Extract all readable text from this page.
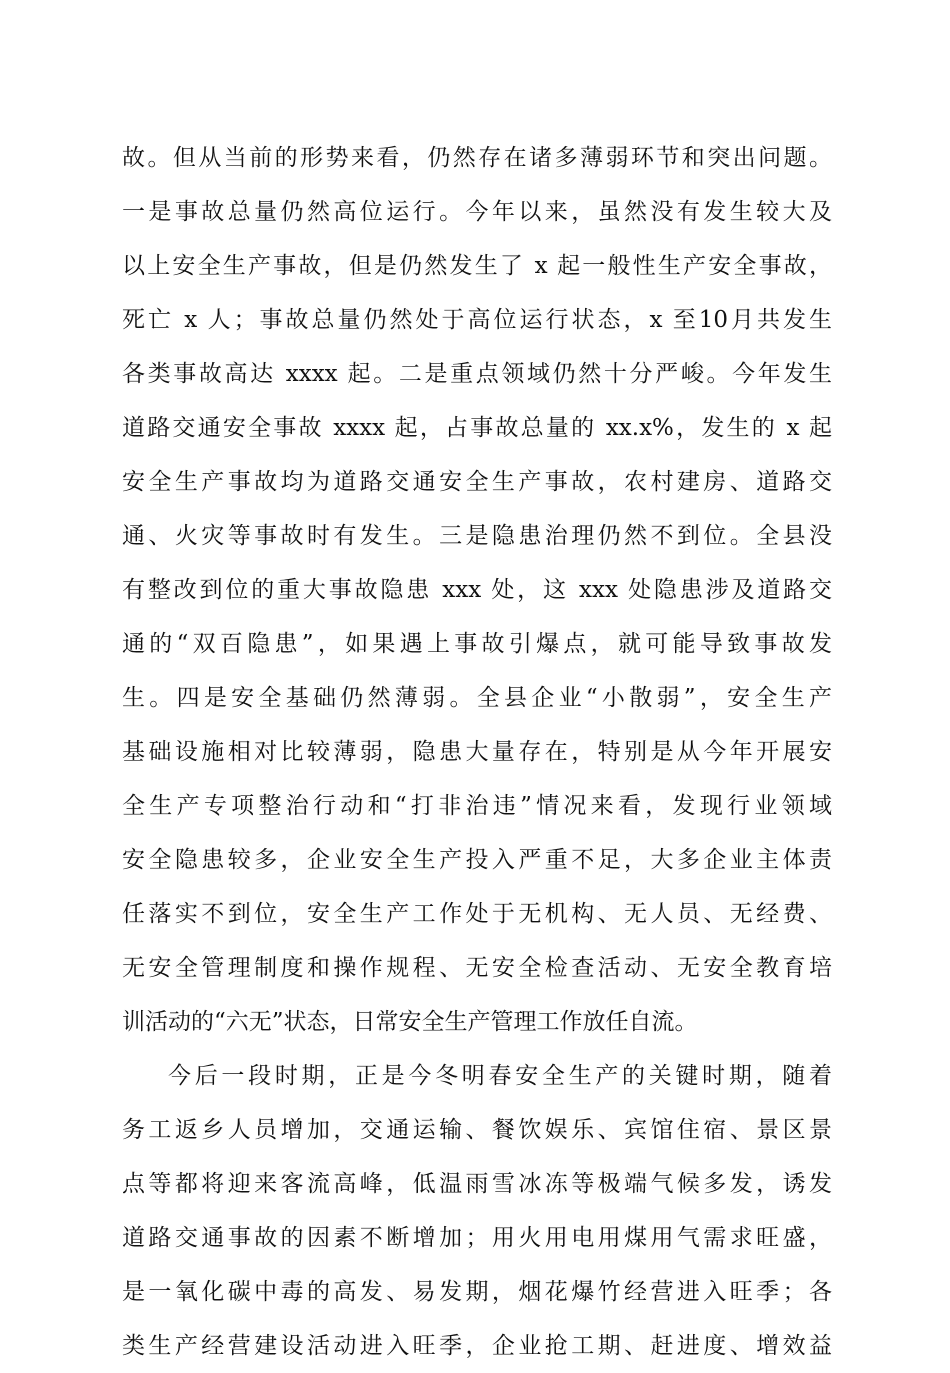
故。但从当前的形势来看，仍然存在诸多薄弱环节和突出问题。
一是事故总量仍然高位运行。今年以来，虽然没有发生较大及
以上安全生产事故，但是仍然发生了 x 起一般性生产安全事故，
死亡 x 人；事故总量仍然处于高位运行状态，x 至10月共发生
各类事故高达 xxxx 起。二是重点领域仍然十分严峻。今年发生
道路交通安全事故 xxxx 起，占事故总量的 xx.x%，发生的 x 起
安全生产事故均为道路交通安全生产事故，农村建房、道路交
通、火灾等事故时有发生。三是隐患治理仍然不到位。全县没
有整改到位的重大事故隐患 xxx 处，这 xxx 处隐患涉及道路交
通的“双百隐患”，如果遇上事故引爆点，就可能导致事故发
生。四是安全基础仍然薄弱。全县企业“小散弱”，安全生产
基础设施相对比较薄弱，隐患大量存在，特别是从今年开展安
全生产专项整治行动和“打非治违”情况来看，发现行业领域
安全隐患较多，企业安全生产投入严重不足，大多企业主体责
任落实不到位，安全生产工作处于无机构、无人员、无经费、
无安全管理制度和操作规程、无安全检查活动、无安全教育培
训活动的“六无”状态，日常安全生产管理工作放任自流。
今后一段时期，正是今冬明春安全生产的关键时期，随着
务工返乡人员增加，交通运输、餐饮娱乐、宾馆住宿、景区景
点等都将迎来客流高峰，低温雨雪冰冻等极端气候多发，诱发
道路交通事故的因素不断增加；用火用电用煤用气需求旺盛，
是一氧化碳中毒的高发、易发期，烟花爆竹经营进入旺季；各
类生产经营建设活动进入旺季，企业抢工期、赶进度、增效益
